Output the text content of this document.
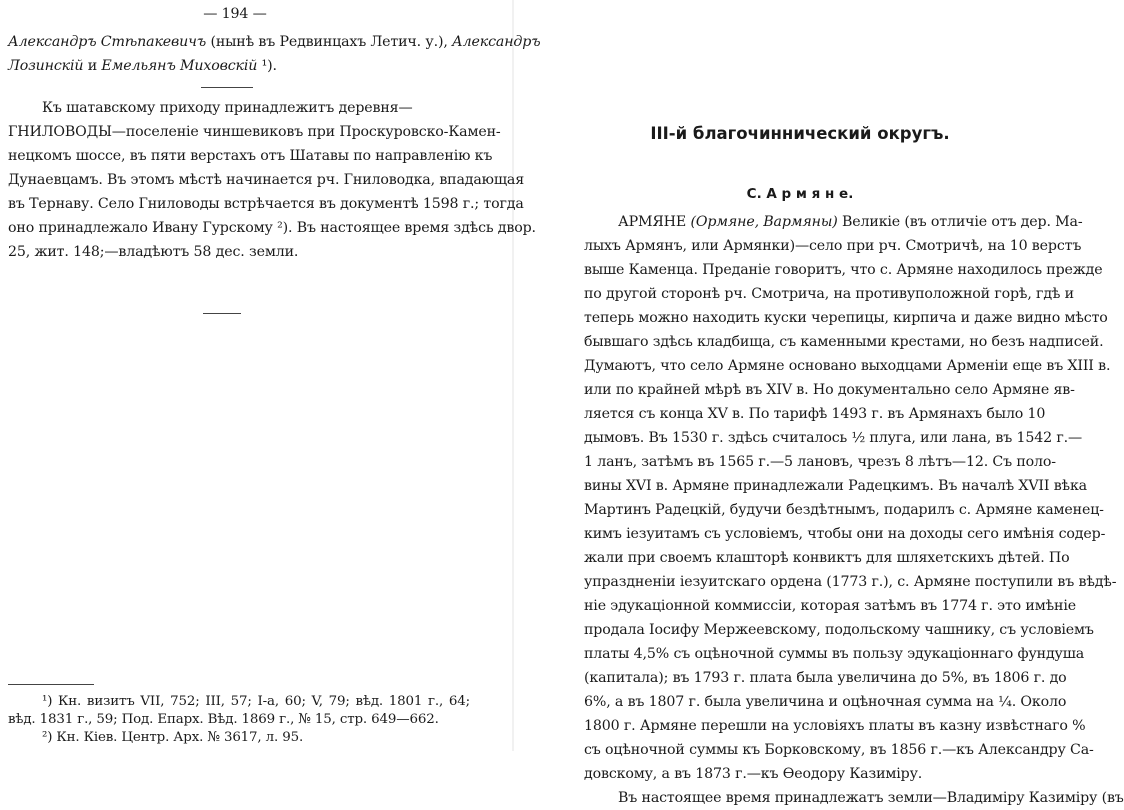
— 194 —

Александръ Стѣпакевичъ (нынѣ въ Редвинцахъ Летич. у.), Александръ

Лозинскій и Емельянъ Миховскій ¹).

Къ шатавскому приходу принадлежитъ деревня—

ГНИЛОВОДЫ—поселеніе чиншевиковъ при Проскуровско-Камен-

нецкомъ шоссе, въ пяти верстахъ отъ Шатавы по направленію къ

Дунаевцамъ. Въ этомъ мѣстѣ начинается рч. Гниловодка, впадающая

въ Тернаву. Село Гниловоды встрѣчается въ документѣ 1598 г.; тогда

оно принадлежало Ивану Гурскому ²). Въ настоящее время здѣсь двор.

25, жит. 148;—владѣютъ 58 дес. земли.

¹) Кн. визитъ VII, 752; III, 57; I-a, 60; V, 79; вѣд. 1801 г., 64;

вѣд. 1831 г., 59; Под. Епарх. Вѣд. 1869 г., № 15, стр. 649—662.

²) Кн. Кіев. Центр. Арх. № 3617, л. 95.

III-й благочиннический округъ.
С. А р м я н е.

АРМЯНЕ (Ормяне, Вармяны) Великіе (въ отличіе отъ дер. Ма-

лыхъ Армянъ, или Армянки)—село при рч. Смотричѣ, на 10 верстъ

выше Каменца. Преданіе говоритъ, что с. Армяне находилось прежде

по другой сторонѣ рч. Смотрича, на противуположной горѣ, гдѣ и

теперь можно находить куски черепицы, кирпича и даже видно мѣсто

бывшаго здѣсь кладбища, съ каменными крестами, но безъ надписей.

Думаютъ, что село Армяне основано выходцами Арменіи еще въ XIII в.

или по крайней мѣрѣ въ XIV в. Но документально село Армяне яв-

ляется съ конца XV в. По тарифѣ 1493 г. въ Армянахъ было 10

дымовъ. Въ 1530 г. здѣсь считалось ½ плуга, или лана, въ 1542 г.—

1 ланъ, затѣмъ въ 1565 г.—5 лановъ, чрезъ 8 лѣтъ—12. Съ поло-

вины XVI в. Армяне принадлежали Радецкимъ. Въ началѣ XVII вѣка

Мартинъ Радецкій, будучи бездѣтнымъ, подарилъ с. Армяне каменец-

кимъ іезуитамъ съ условіемъ, чтобы они на доходы сего имѣнія содер-

жали при своемъ клашторѣ конвиктъ для шляхетскихъ дѣтей. По

упраздненіи іезуитскаго ордена (1773 г.), с. Армяне поступили въ вѣдѣ-

ніе эдукаціонной коммиссіи, которая затѣмъ въ 1774 г. это имѣніе

продала Іосифу Мержеевскому, подольскому чашнику, съ условіемъ

платы 4,5% съ оцѣночной суммы въ пользу эдукаціоннаго фундуша

(капитала); въ 1793 г. плата была увеличина до 5%, въ 1806 г. до

6%, а въ 1807 г. была увеличина и оцѣночная сумма на ¼. Около

1800 г. Армяне перешли на условіяхъ платы въ казну извѣстнаго %

съ оцѣночной суммы къ Борковскому, въ 1856 г.—къ Александру Са-

довскому, а въ 1873 г.—къ Ѳеодору Казиміру.

Въ настоящее время принадлежатъ земли—Владиміру Казиміру (въ
